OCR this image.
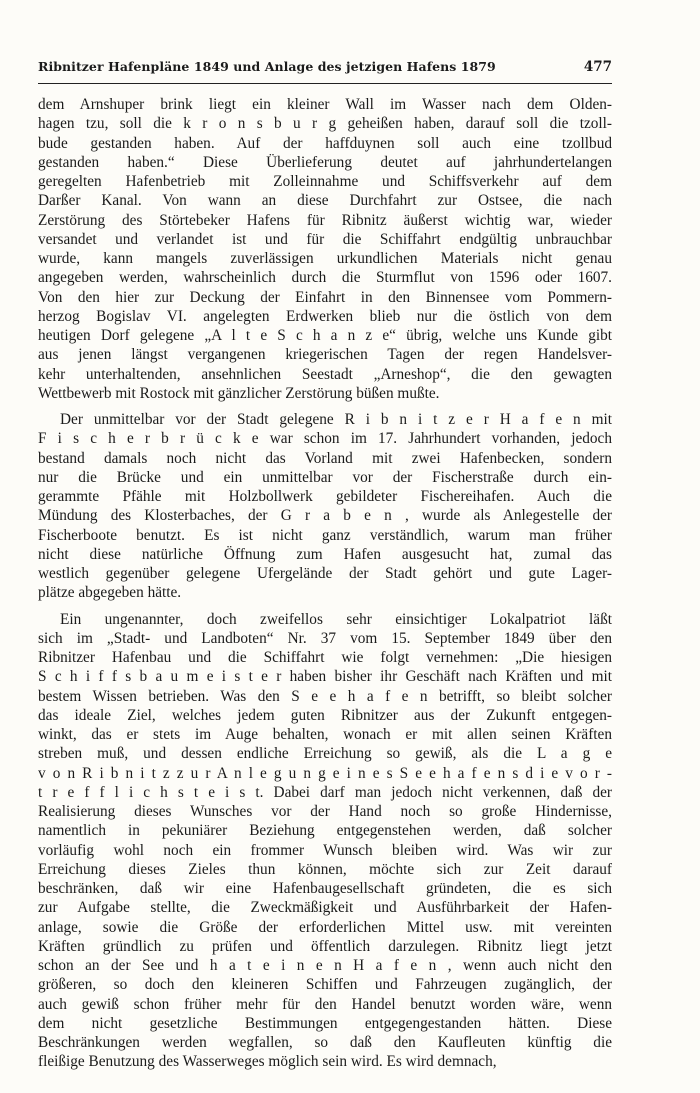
Ribnitzer Hafenpläne 1849 und Anlage des jetzigen Hafens 1879	477
dem Arnshuper brink liegt ein kleiner Wall im Wasser nach dem Olden-
hagen tzu, soll die k r o n s b u r g geheißen haben, darauf soll die tzoll-
bude gestanden haben. Auf der haffduynen soll auch eine tzollbud
gestanden haben.“ Diese Überlieferung deutet auf jahrhundertelangen
geregelten Hafenbetrieb mit Zolleinnahme und Schiffsverkehr auf dem
Darßer Kanal. Von wann an diese Durchfahrt zur Ostsee, die nach
Zerstörung des Störtebeker Hafens für Ribnitz äußerst wichtig war, wieder
versandet und verlandet ist und für die Schiffahrt endgültig unbrauchbar
wurde, kann mangels zuverlässigen urkundlichen Materials nicht genau
angegeben werden, wahrscheinlich durch die Sturmflut von 1596 oder 1607.
Von den hier zur Deckung der Einfahrt in den Binnensee vom Pommern-
herzog Bogislav VI. angelegten Erdwerken blieb nur die östlich von dem
heutigen Dorf gelegene „A l t e S c h a n z e“ übrig, welche uns Kunde gibt
aus jenen längst vergangenen kriegerischen Tagen der regen Handelsver-
kehr unterhaltenden, ansehnlichen Seestadt „Arneshop“, die den gewagten
Wettbewerb mit Rostock mit gänzlicher Zerstörung büßen mußte.
Der unmittelbar vor der Stadt gelegene R i b n i t z e r H a f e n mit
F i s c h e r b r ü c k e war schon im 17. Jahrhundert vorhanden, jedoch
bestand damals noch nicht das Vorland mit zwei Hafenbecken, sondern
nur die Brücke und ein unmittelbar vor der Fischerstraße durch ein-
gerammte Pfähle mit Holzbollwerk gebildeter Fischereihafen. Auch die
Mündung des Klosterbaches, der G r a b e n , wurde als Anlegestelle der
Fischerboote benutzt. Es ist nicht ganz verständlich, warum man früher
nicht diese natürliche Öffnung zum Hafen ausgesucht hat, zumal das
westlich gegenüber gelegene Ufergelände der Stadt gehört und gute Lager-
plätze abgegeben hätte.
Ein ungenannter, doch zweifellos sehr einsichtiger Lokalpatriot läßt
sich im „Stadt- und Landboten“ Nr. 37 vom 15. September 1849 über den
Ribnitzer Hafenbau und die Schiffahrt wie folgt vernehmen: „Die hiesigen
S c h i f f s b a u m e i s t e r haben bisher ihr Geschäft nach Kräften und mit
bestem Wissen betrieben. Was den S e e h a f e n betrifft, so bleibt solcher
das ideale Ziel, welches jedem guten Ribnitzer aus der Zukunft entgegen-
winkt, das er stets im Auge behalten, wonach er mit allen seinen Kräften
streben muß, und dessen endliche Erreichung so gewiß, als die L a g e
v o n R i b n i t z z u r A n l e g u n g e i n e s S e e h a f e n s d i e v o r -
t r e f f l i c h s t e i s t. Dabei darf man jedoch nicht verkennen, daß der
Realisierung dieses Wunsches vor der Hand noch so große Hindernisse,
namentlich in pekuniärer Beziehung entgegenstehen werden, daß solcher
vorläufig wohl noch ein frommer Wunsch bleiben wird. Was wir zur
Erreichung dieses Zieles thun können, möchte sich zur Zeit darauf
beschränken, daß wir eine Hafenbaugesellschaft gründeten, die es sich
zur Aufgabe stellte, die Zweckmäßigkeit und Ausführbarkeit der Hafen-
anlage, sowie die Größe der erforderlichen Mittel usw. mit vereinten
Kräften gründlich zu prüfen und öffentlich darzulegen. Ribnitz liegt jetzt
schon an der See und h a t e i n e n H a f e n , wenn auch nicht den
größeren, so doch den kleineren Schiffen und Fahrzeugen zugänglich, der
auch gewiß schon früher mehr für den Handel benutzt worden wäre, wenn
dem nicht gesetzliche Bestimmungen entgegengestanden hätten. Diese
Beschränkungen werden wegfallen, so daß den Kaufleuten künftig die
fleißige Benutzung des Wasserweges möglich sein wird. Es wird demnach,
